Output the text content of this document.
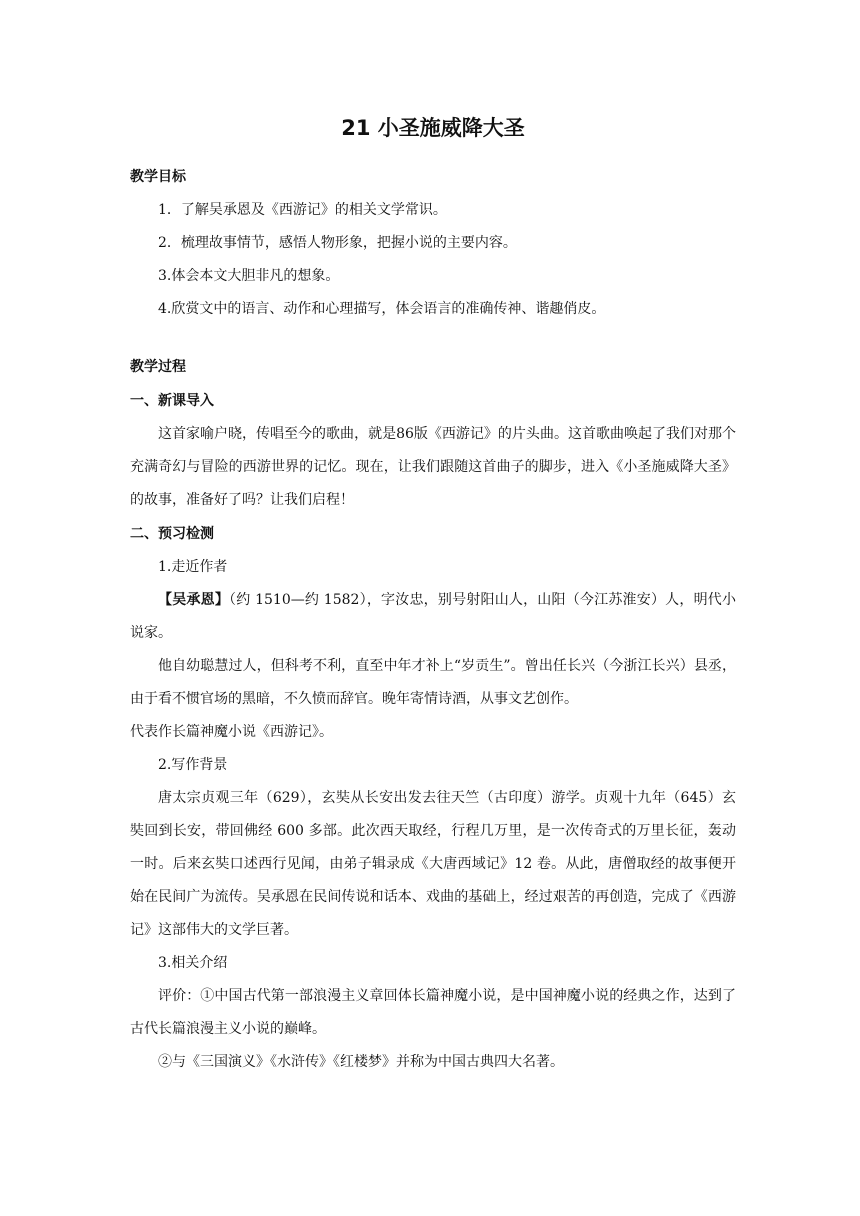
21 小圣施威降大圣

教学目标

1．了解吴承恩及《西游记》的相关文学常识。

2．梳理故事情节，感悟人物形象，把握小说的主要内容。

3.体会本文大胆非凡的想象。

4.欣赏文中的语言、动作和心理描写，体会语言的准确传神、谐趣俏皮。

教学过程

一、新课导入

这首家喻户晓，传唱至今的歌曲，就是86版《西游记》的片头曲。这首歌曲唤起了我们对那个充满奇幻与冒险的西游世界的记忆。现在，让我们跟随这首曲子的脚步，进入《小圣施威降大圣》的故事，准备好了吗？让我们启程！

二、预习检测

1.走近作者

【吴承恩】（约 1510—约 1582），字汝忠，别号射阳山人，山阳（今江苏淮安）人，明代小说家。

他自幼聪慧过人，但科考不利，直至中年才补上“岁贡生”。曾出任长兴（今浙江长兴）县丞，由于看不惯官场的黑暗，不久愤而辞官。晚年寄情诗酒，从事文艺创作。

代表作长篇神魔小说《西游记》。

2.写作背景

唐太宗贞观三年（629），玄奘从长安出发去往天竺（古印度）游学。贞观十九年（645）玄奘回到长安，带回佛经 600 多部。此次西天取经，行程几万里，是一次传奇式的万里长征，轰动一时。后来玄奘口述西行见闻，由弟子辑录成《大唐西域记》12 卷。从此，唐僧取经的故事便开始在民间广为流传。吴承恩在民间传说和话本、戏曲的基础上，经过艰苦的再创造，完成了《西游记》这部伟大的文学巨著。

3.相关介绍

评价：①中国古代第一部浪漫主义章回体长篇神魔小说，是中国神魔小说的经典之作，达到了古代长篇浪漫主义小说的巅峰。

②与《三国演义》《水浒传》《红楼梦》并称为中国古典四大名著。
